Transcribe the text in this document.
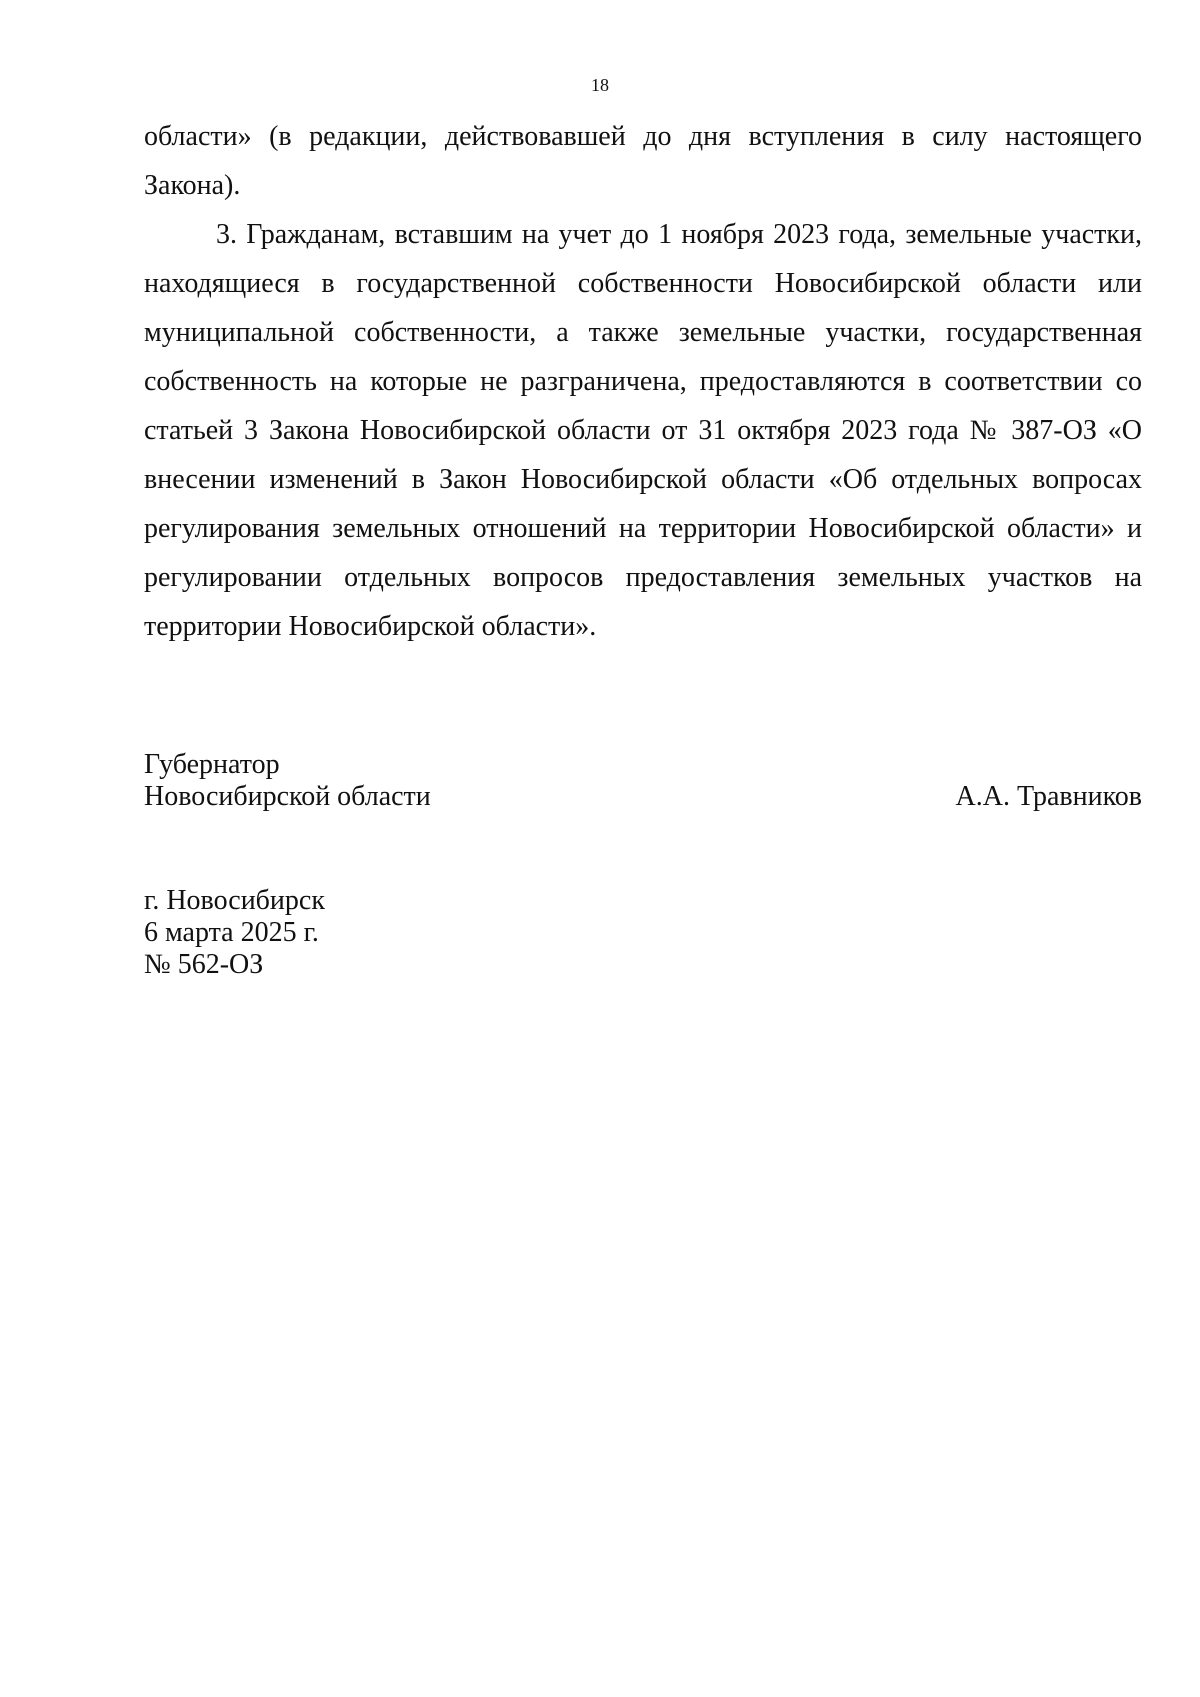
18

области» (в редакции, действовавшей до дня вступления в силу настоящего Закона).

3. Гражданам, вставшим на учет до 1 ноября 2023 года, земельные участки, находящиеся в государственной собственности Новосибирской области или муниципальной собственности, а также земельные участки, государственная собственность на которые не разграничена, предоставляются в соответствии со статьей 3 Закона Новосибирской области от 31 октября 2023 года № 387-ОЗ «О внесении изменений в Закон Новосибирской области «Об отдельных вопросах регулирования земельных отношений на территории Новосибирской области» и регулировании отдельных вопросов предоставления земельных участков на территории Новосибирской области».

Губернатор
Новосибирской области	А.А. Травников
г. Новосибирск
6 марта 2025 г.
№ 562-ОЗ
